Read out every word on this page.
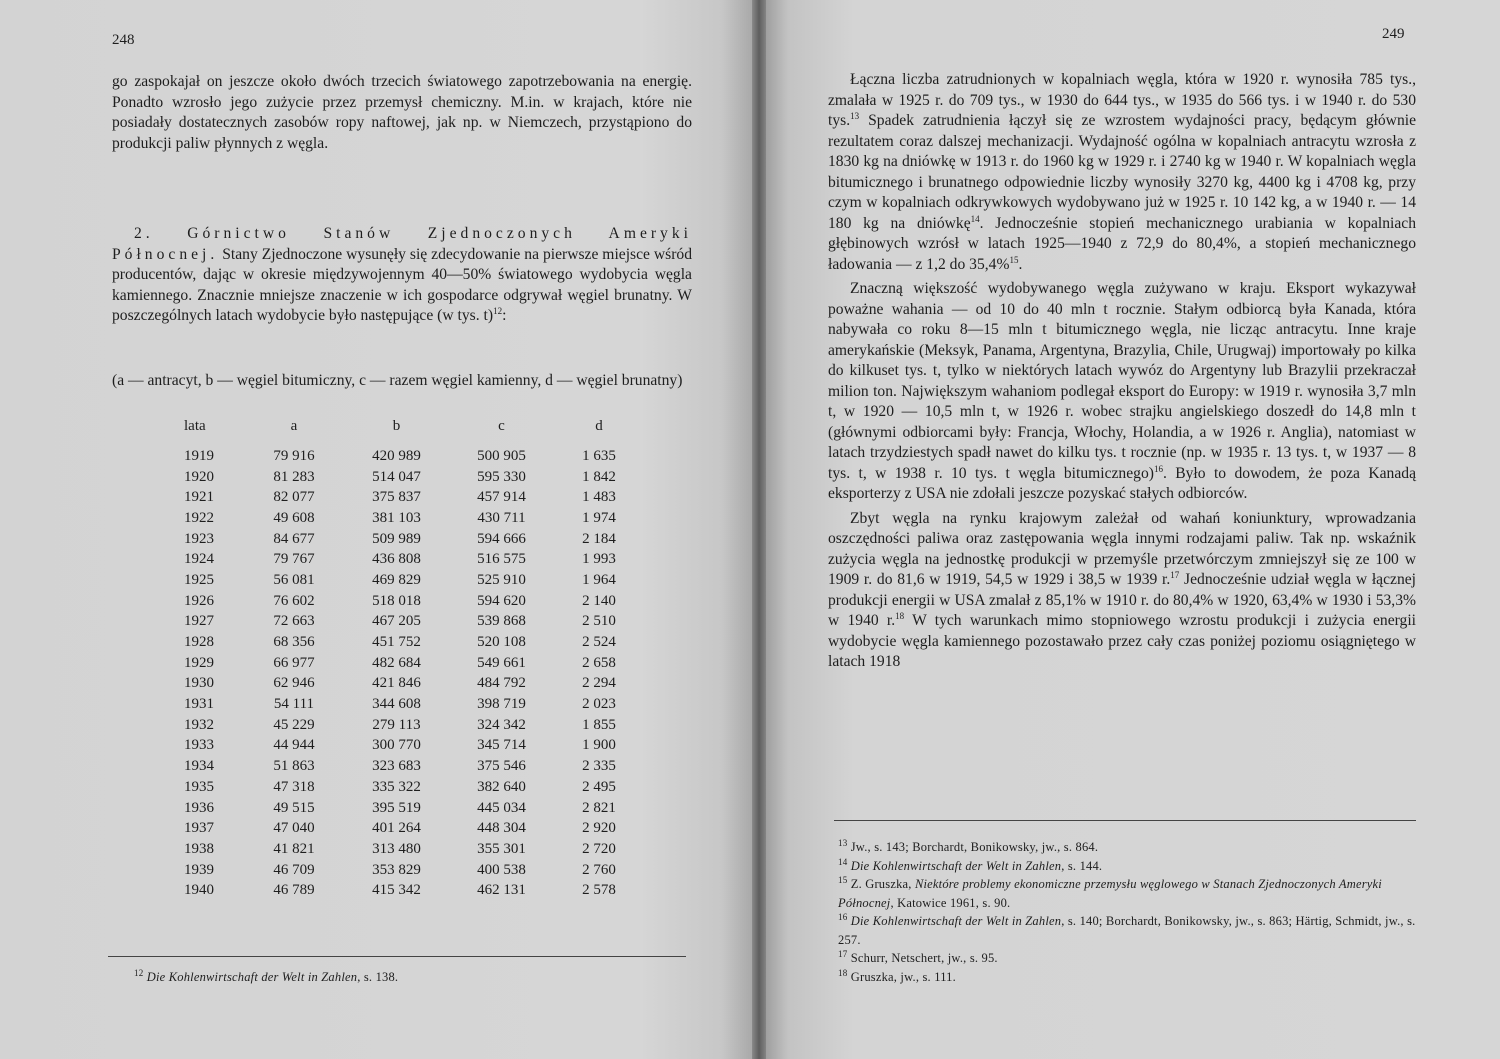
248

go zaspokajał on jeszcze około dwóch trzecich światowego zapotrzebowania na energię. Ponadto wzrosło jego zużycie przez przemysł chemiczny. M.in. w krajach, które nie posiadały dostatecznych zasobów ropy naftowej, jak np. w Niemczech, przystąpiono do produkcji paliw płynnych z węgla.

2. Górnictwo Stanów Zjednoczonych Ameryki Północnej. Stany Zjednoczone wysunęły się zdecydowanie na pierwsze miejsce wśród producentów, dając w okresie międzywojennym 40—50% światowego wydobycia węgla kamiennego. Znacznie mniejsze znaczenie w ich gospodarce odgrywał węgiel brunatny. W poszczególnych latach wydobycie było następujące (w tys. t)$^{12}$:

(a — antracyt, b — węgiel bitumiczny, c — razem węgiel kamienny, d — węgiel brunatny)

lata	a	b	c	d
1919	79 916	420 989	500 905	1 635
1920	81 283	514 047	595 330	1 842
1921	82 077	375 837	457 914	1 483
1922	49 608	381 103	430 711	1 974
1923	84 677	509 989	594 666	2 184
1924	79 767	436 808	516 575	1 993
1925	56 081	469 829	525 910	1 964
1926	76 602	518 018	594 620	2 140
1927	72 663	467 205	539 868	2 510
1928	68 356	451 752	520 108	2 524
1929	66 977	482 684	549 661	2 658
1930	62 946	421 846	484 792	2 294
1931	54 111	344 608	398 719	2 023
1932	45 229	279 113	324 342	1 855
1933	44 944	300 770	345 714	1 900
1934	51 863	323 683	375 546	2 335
1935	47 318	335 322	382 640	2 495
1936	49 515	395 519	445 034	2 821
1937	47 040	401 264	448 304	2 920
1938	41 821	313 480	355 301	2 720
1939	46 709	353 829	400 538	2 760
1940	46 789	415 342	462 131	2 578

$^{12}$ Die Kohlenwirtschaft der Welt in Zahlen, s. 138.

249

Łączna liczba zatrudnionych w kopalniach węgla, która w 1920 r. wynosiła 785 tys., zmalała w 1925 r. do 709 tys., w 1930 do 644 tys., w 1935 do 566 tys. i w 1940 r. do 530 tys.$^{13}$ Spadek zatrudnienia łączył się ze wzrostem wydajności pracy, będącym głównie rezultatem coraz dalszej mechanizacji. Wydajność ogólna w kopalniach antracytu wzrosła z 1830 kg na dniówkę w 1913 r. do 1960 kg w 1929 r. i 2740 kg w 1940 r. W kopalniach węgla bitumicznego i brunatnego odpowiednie liczby wynosiły 3270 kg, 4400 kg i 4708 kg, przy czym w kopalniach odkrywkowych wydobywano już w 1925 r. 10 142 kg, a w 1940 r. — 14 180 kg na dniówkę$^{14}$. Jednocześnie stopień mechanicznego urabiania w kopalniach głębinowych wzrósł w latach 1925—1940 z 72,9 do 80,4%, a stopień mechanicznego ładowania — z 1,2 do 35,4%$^{15}$.

Znaczną większość wydobywanego węgla zużywano w kraju. Eksport wykazywał poważne wahania — od 10 do 40 mln t rocznie. Stałym odbiorcą była Kanada, która nabywała co roku 8—15 mln t bitumicznego węgla, nie licząc antracytu. Inne kraje amerykańskie (Meksyk, Panama, Argentyna, Brazylia, Chile, Urugwaj) importowały po kilka do kilkuset tys. t, tylko w niektórych latach wywóz do Argentyny lub Brazylii przekraczał milion ton. Największym wahaniom podlegał eksport do Europy: w 1919 r. wynosiła 3,7 mln t, w 1920 — 10,5 mln t, w 1926 r. wobec strajku angielskiego doszedł do 14,8 mln t (głównymi odbiorcami były: Francja, Włochy, Holandia, a w 1926 r. Anglia), natomiast w latach trzydziestych spadł nawet do kilku tys. t rocznie (np. w 1935 r. 13 tys. t, w 1937 — 8 tys. t, w 1938 r. 10 tys. t węgla bitumicznego)$^{16}$. Było to dowodem, że poza Kanadą eksporterzy z USA nie zdołali jeszcze pozyskać stałych odbiorców.

Zbyt węgla na rynku krajowym zależał od wahań koniunktury, wprowadzania oszczędności paliwa oraz zastępowania węgla innymi rodzajami paliw. Tak np. wskaźnik zużycia węgla na jednostkę produkcji w przemyśle przetwórczym zmniejszył się ze 100 w 1909 r. do 81,6 w 1919, 54,5 w 1929 i 38,5 w 1939 r.$^{17}$ Jednocześnie udział węgla w łącznej produkcji energii w USA zmalał z 85,1% w 1910 r. do 80,4% w 1920, 63,4% w 1930 i 53,3% w 1940 r.$^{18}$ W tych warunkach mimo stopniowego wzrostu produkcji i zużycia energii wydobycie węgla kamiennego pozostawało przez cały czas poniżej poziomu osiągniętego w latach 1918

$^{13}$ Jw., s. 143; Borchardt, Bonikowsky, jw., s. 864.

$^{14}$ Die Kohlenwirtschaft der Welt in Zahlen, s. 144.

$^{15}$ Z. Gruszka, Niektóre problemy ekonomiczne przemysłu węglowego w Stanach Zjednoczonych Ameryki Północnej, Katowice 1961, s. 90.

$^{16}$ Die Kohlenwirtschaft der Welt in Zahlen, s. 140; Borchardt, Bonikowsky, jw., s. 863; Härtig, Schmidt, jw., s. 257.

$^{17}$ Schurr, Netschert, jw., s. 95.

$^{18}$ Gruszka, jw., s. 111.
